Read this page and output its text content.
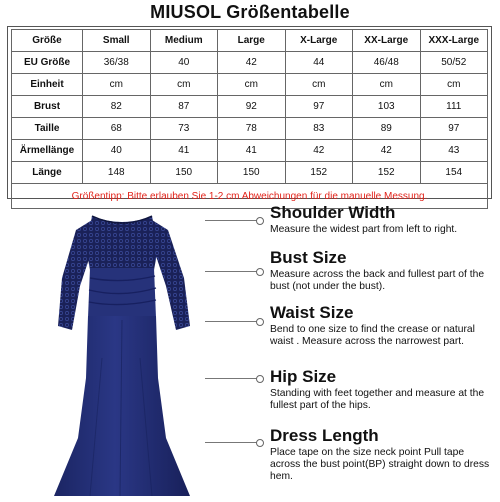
MIUSOL Größentabelle
Größe	Small	Medium	Large	X-Large	XX-Large	XXX-Large
EU Größe	36/38	40	42	44	46/48	50/52
Einheit	cm	cm	cm	cm	cm	cm
Brust	82	87	92	97	103	111
Taille	68	73	78	83	89	97
Ärmellänge	40	41	41	42	42	43
Länge	148	150	150	152	152	154
Größentipp: Bitte erlauben Sie 1-2 cm Abweichungen für die manuelle Messung.						
Shoulder Width

Measure the widest part from left to right.

Bust Size

Measure across the back and fullest part of the bust (not under the bust).

Waist Size

Bend to one size to find the crease or natural waist . Measure across the narrowest part.

Hip Size

Standing with feet together and measure at the fullest part of the hips.

Dress Length

Place tape on the size neck point Pull tape across the bust point(BP) straight down to dress hem.
